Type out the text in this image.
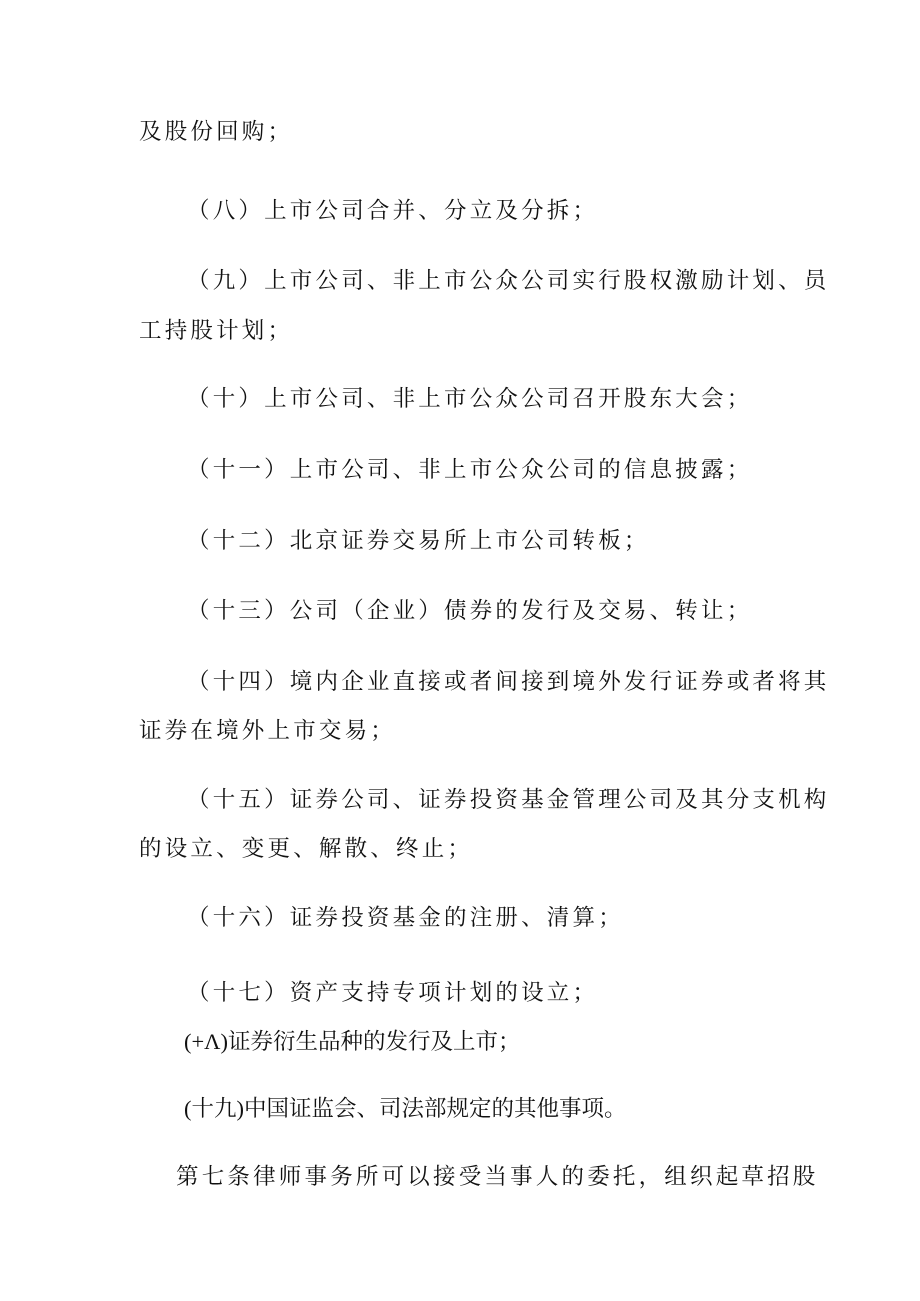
及股份回购；
（八）上市公司合并、分立及分拆；
（九）上市公司、非上市公众公司实行股权激励计划、员
工持股计划；
（十）上市公司、非上市公众公司召开股东大会；
（十一）上市公司、非上市公众公司的信息披露；
（十二）北京证券交易所上市公司转板；
（十三）公司（企业）债券的发行及交易、转让；
（十四）境内企业直接或者间接到境外发行证券或者将其
证券在境外上市交易；
（十五）证券公司、证券投资基金管理公司及其分支机构
的设立、变更、解散、终止；
（十六）证券投资基金的注册、清算；
（十七）资产支持专项计划的设立；
(+Λ)证券衍生品种的发行及上市；
(十九)中国证监会、司法部规定的其他事项。
第七条律师事务所可以接受当事人的委托，组织起草招股
